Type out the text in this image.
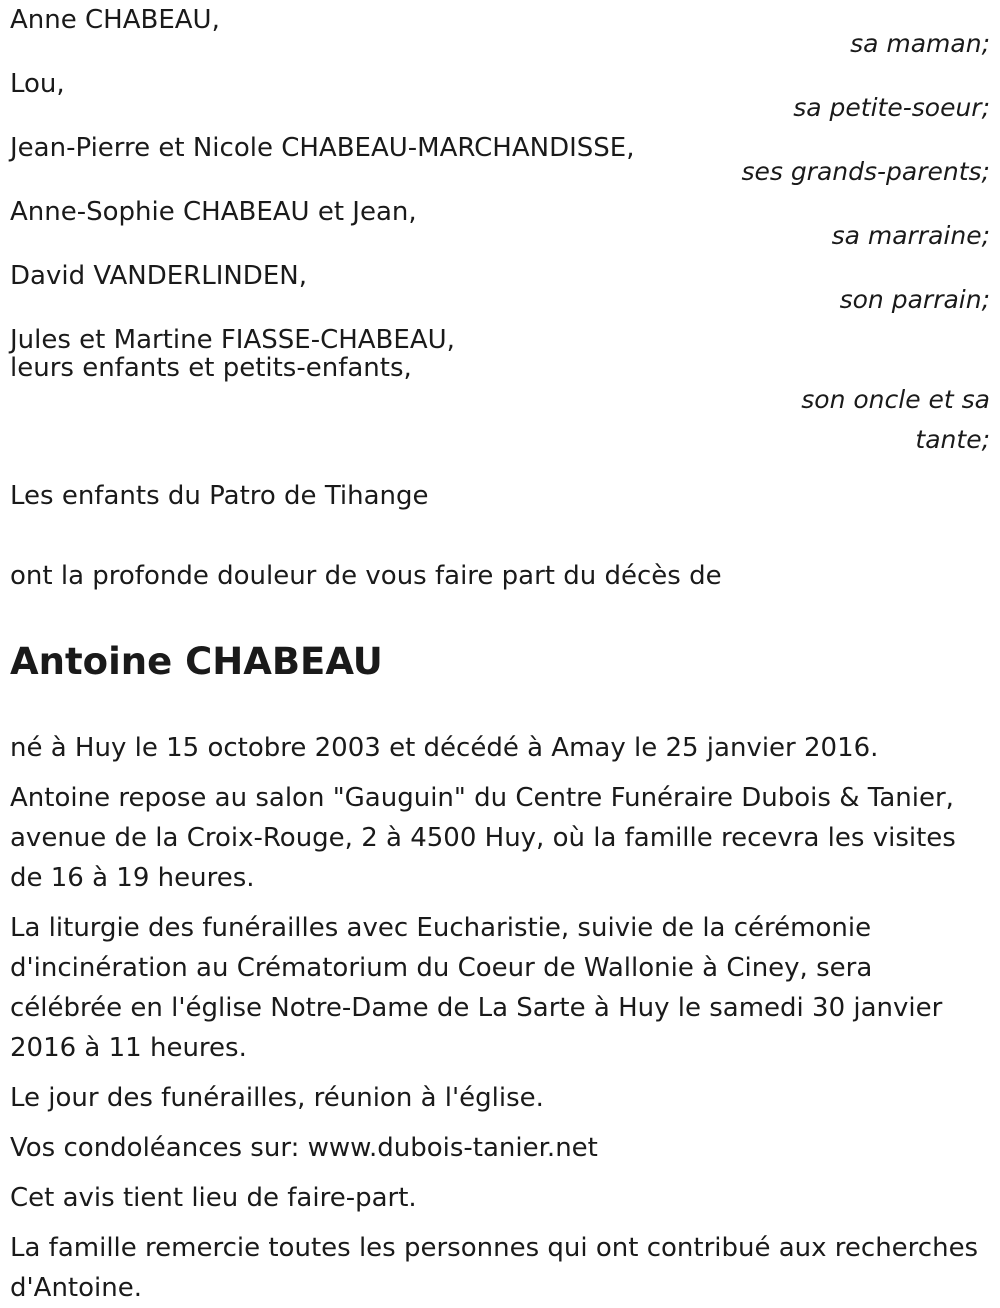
Anne CHABEAU,
sa maman;
Lou,
sa petite-soeur;
Jean-Pierre et Nicole CHABEAU-MARCHANDISSE,
ses grands-parents;
Anne-Sophie CHABEAU et Jean,
sa marraine;
David VANDERLINDEN,
son parrain;
Jules et Martine FIASSE-CHABEAU,
leurs enfants et petits-enfants,
son oncle et sa
tante;
Les enfants du Patro de Tihange
ont la profonde douleur de vous faire part du décès de
Antoine CHABEAU

né à Huy le 15 octobre 2003 et décédé à Amay le 25 janvier 2016.

Antoine repose au salon "Gauguin" du Centre Funéraire Dubois & Tanier, avenue de la Croix-Rouge, 2 à 4500 Huy, où la famille recevra les visites de 16 à 19 heures.

La liturgie des funérailles avec Eucharistie, suivie de la cérémonie d'incinération au Crématorium du Coeur de Wallonie à Ciney, sera célébrée en l'église Notre-Dame de La Sarte à Huy le samedi 30 janvier 2016 à 11 heures.

Le jour des funérailles, réunion à l'église.

Vos condoléances sur: www.dubois-tanier.net

Cet avis tient lieu de faire-part.

La famille remercie toutes les personnes qui ont contribué aux recherches d'Antoine.
